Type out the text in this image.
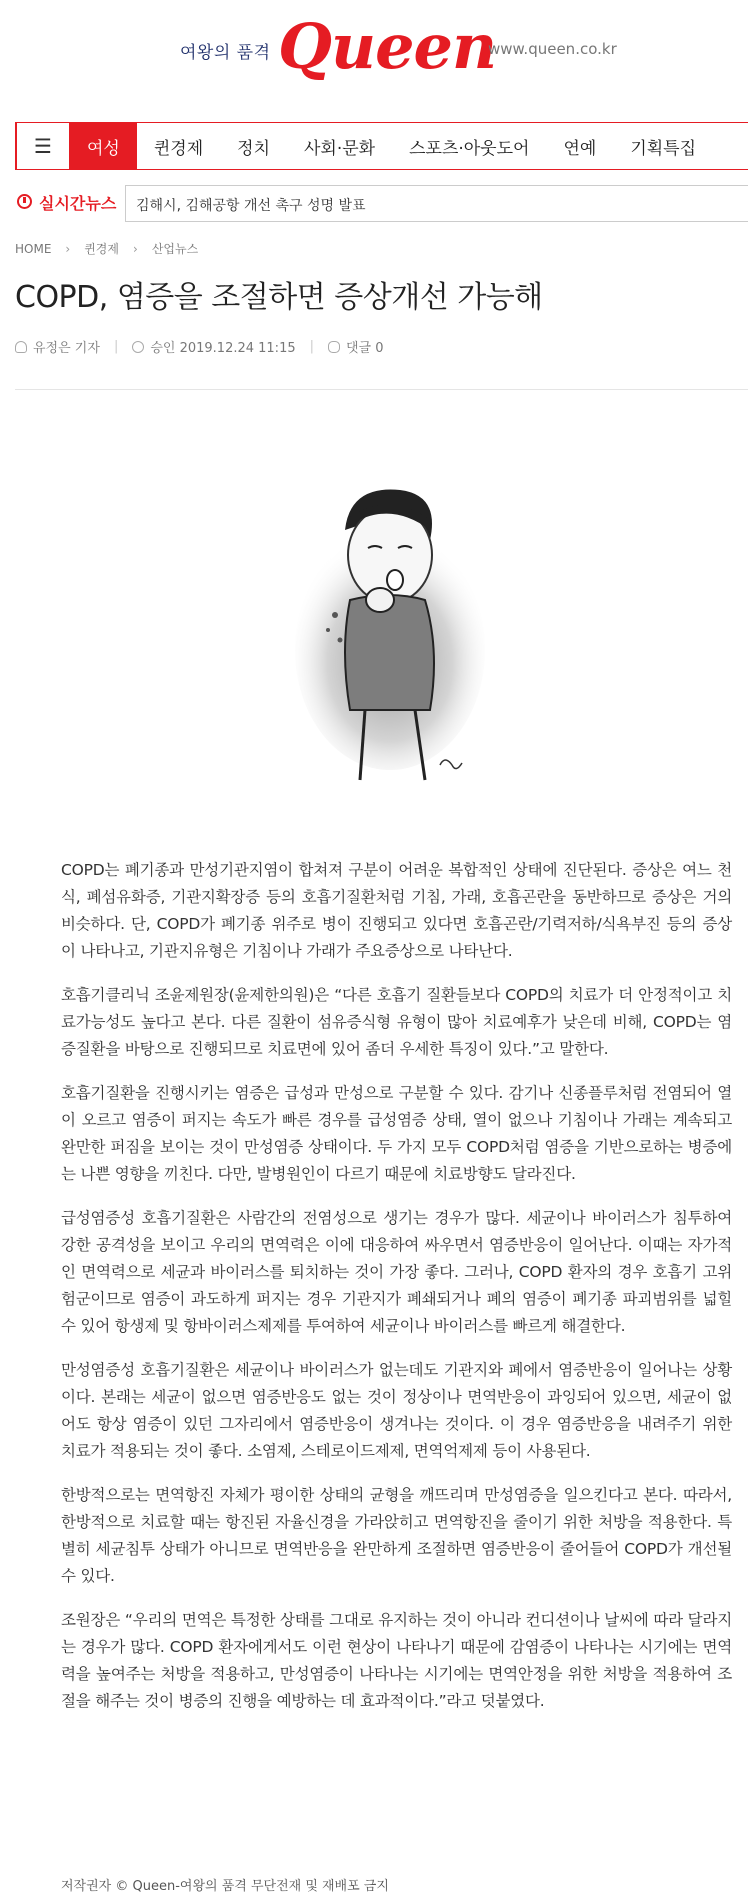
여왕의 품격 Queen
www.queen.co.kr
☰	여성	퀸경제	정치	사회·문화	스포츠·아웃도어	연예	기획특집
실시간뉴스 김해시, 김해공항 개선 촉구 성명 발표
HOME › 퀸경제 › 산업뉴스
COPD, 염증을 조절하면 증상개선 가능해
유정은 기자 | 승인 2019.12.24 11:15 | 댓글 0

COPD는 폐기종과 만성기관지염이 합쳐져 구분이 어려운 복합적인 상태에 진단된다. 증상은 여느 천식, 폐섬유화증, 기관지확장증 등의 호흡기질환처럼 기침, 가래, 호흡곤란을 동반하므로 증상은 거의 비슷하다. 단, COPD가 폐기종 위주로 병이 진행되고 있다면 호흡곤란/기력저하/식욕부진 등의 증상이 나타나고, 기관지유형은 기침이나 가래가 주요증상으로 나타난다.

호흡기클리닉 조윤제원장(윤제한의원)은 “다른 호흡기 질환들보다 COPD의 치료가 더 안정적이고 치료가능성도 높다고 본다. 다른 질환이 섬유증식형 유형이 많아 치료예후가 낮은데 비해, COPD는 염증질환을 바탕으로 진행되므로 치료면에 있어 좀더 우세한 특징이 있다.”고 말한다.

호흡기질환을 진행시키는 염증은 급성과 만성으로 구분할 수 있다. 감기나 신종플루처럼 전염되어 열이 오르고 염증이 퍼지는 속도가 빠른 경우를 급성염증 상태, 열이 없으나 기침이나 가래는 계속되고 완만한 퍼짐을 보이는 것이 만성염증 상태이다. 두 가지 모두 COPD처럼 염증을 기반으로하는 병증에는 나쁜 영향을 끼친다. 다만, 발병원인이 다르기 때문에 치료방향도 달라진다.

급성염증성 호흡기질환은 사람간의 전염성으로 생기는 경우가 많다. 세균이나 바이러스가 침투하여 강한 공격성을 보이고 우리의 면역력은 이에 대응하여 싸우면서 염증반응이 일어난다. 이때는 자가적인 면역력으로 세균과 바이러스를 퇴치하는 것이 가장 좋다. 그러나, COPD 환자의 경우 호흡기 고위험군이므로 염증이 과도하게 퍼지는 경우 기관지가 폐쇄되거나 폐의 염증이 폐기종 파괴범위를 넓힐 수 있어 항생제 및 항바이러스제제를 투여하여 세균이나 바이러스를 빠르게 해결한다.

만성염증성 호흡기질환은 세균이나 바이러스가 없는데도 기관지와 폐에서 염증반응이 일어나는 상황이다. 본래는 세균이 없으면 염증반응도 없는 것이 정상이나 면역반응이 과잉되어 있으면, 세균이 없어도 항상 염증이 있던 그자리에서 염증반응이 생겨나는 것이다. 이 경우 염증반응을 내려주기 위한 치료가 적용되는 것이 좋다. 소염제, 스테로이드제제, 면역억제제 등이 사용된다.

한방적으로는 면역항진 자체가 평이한 상태의 균형을 깨뜨리며 만성염증을 일으킨다고 본다. 따라서, 한방적으로 치료할 때는 항진된 자율신경을 가라앉히고 면역항진을 줄이기 위한 처방을 적용한다. 특별히 세균침투 상태가 아니므로 면역반응을 완만하게 조절하면 염증반응이 줄어들어 COPD가 개선될 수 있다.

조원장은 “우리의 면역은 특정한 상태를 그대로 유지하는 것이 아니라 컨디션이나 날씨에 따라 달라지는 경우가 많다. COPD 환자에게서도 이런 현상이 나타나기 때문에 감염증이 나타나는 시기에는 면역력을 높여주는 처방을 적용하고, 만성염증이 나타나는 시기에는 면역안정을 위한 처방을 적용하여 조절을 해주는 것이 병증의 진행을 예방하는 데 효과적이다.”라고 덧붙였다.

저작권자 © Queen-여왕의 품격 무단전재 및 재배포 금지
